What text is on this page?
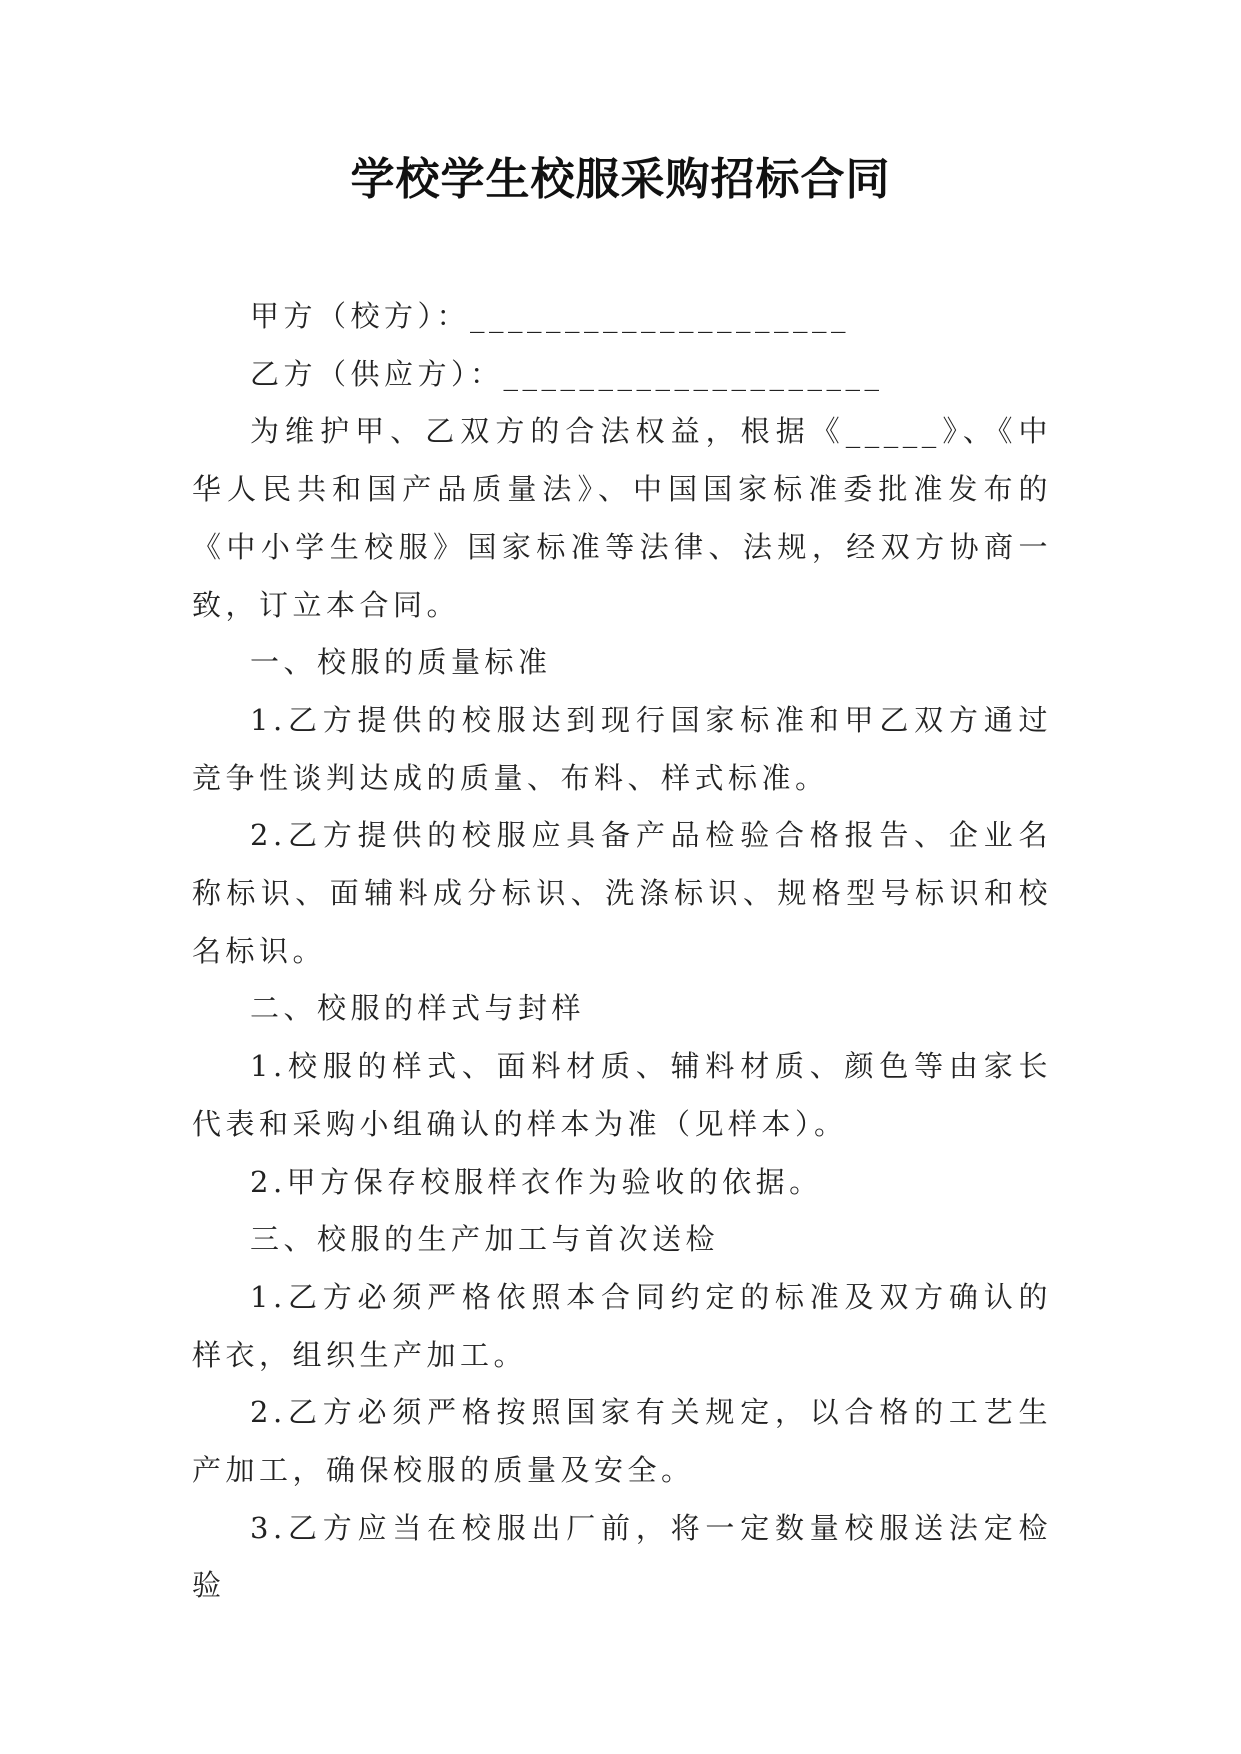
学校学生校服采购招标合同

甲方（校方）：____________________

乙方（供应方）：____________________

为维护甲、乙双方的合法权益，根据《_____》、《中华人民共和国产品质量法》、中国国家标准委批准发布的《中小学生校服》国家标准等法律、法规，经双方协商一致，订立本合同。

一、校服的质量标准

1.乙方提供的校服达到现行国家标准和甲乙双方通过竞争性谈判达成的质量、布料、样式标准。

2.乙方提供的校服应具备产品检验合格报告、企业名称标识、面辅料成分标识、洗涤标识、规格型号标识和校名标识。

二、校服的样式与封样

1.校服的样式、面料材质、辅料材质、颜色等由家长代表和采购小组确认的样本为准（见样本）。

2.甲方保存校服样衣作为验收的依据。

三、校服的生产加工与首次送检

1.乙方必须严格依照本合同约定的标准及双方确认的样衣，组织生产加工。

2.乙方必须严格按照国家有关规定，以合格的工艺生产加工，确保校服的质量及安全。

3.乙方应当在校服出厂前，将一定数量校服送法定检验
